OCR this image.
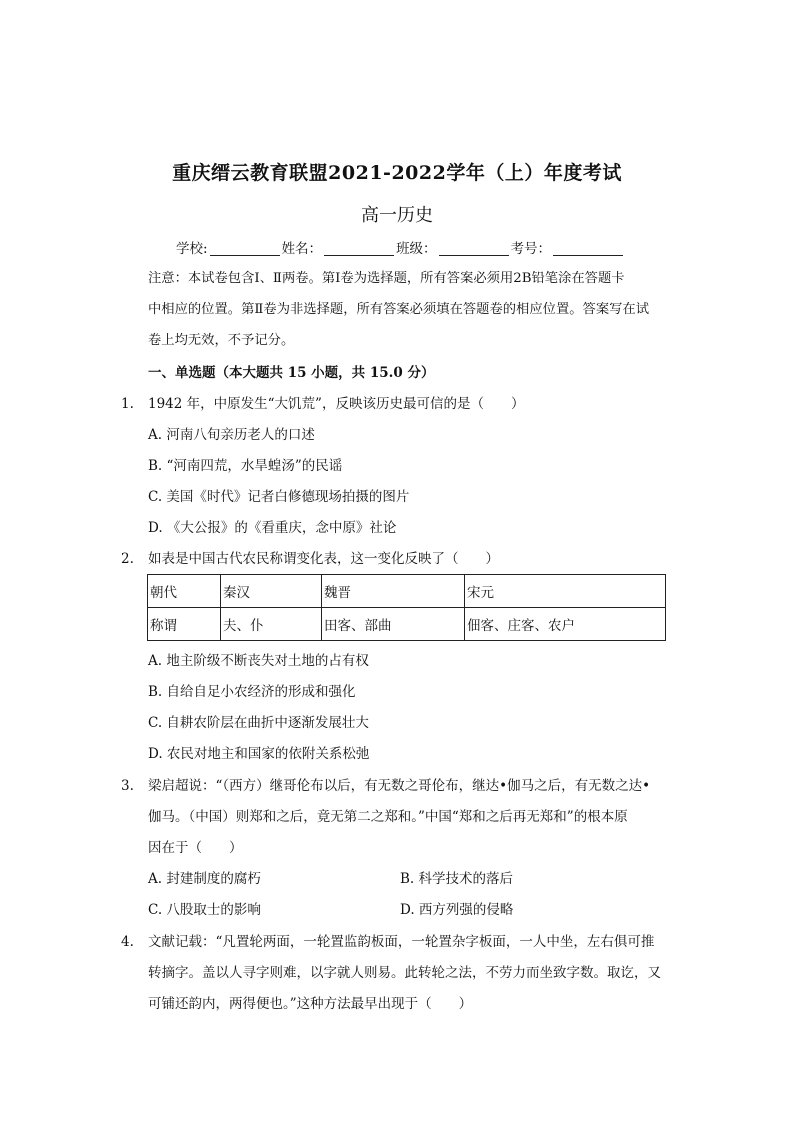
重庆缙云教育联盟2021-2022学年（上）年度考试
高一历史
学校:	姓名：	班级：	考号：
注意：本试卷包含Ⅰ、Ⅱ两卷。第Ⅰ卷为选择题，所有答案必须用2B铅笔涂在答题卡
中相应的位置。第Ⅱ卷为非选择题，所有答案必须填在答题卷的相应位置。答案写在试
卷上均无效，不予记分。
一、单选题（本大题共 15 小题，共 15.0 分）
1. 1942 年，中原发生“大饥荒”，反映该历史最可信的是（　　）
A. 河南八旬亲历老人的口述
B. “河南四荒，水旱蝗汤”的民谣
C. 美国《时代》记者白修德现场拍摄的图片
D. 《大公报》的《看重庆，念中原》社论
2. 如表是中国古代农民称谓变化表，这一变化反映了（　　）
朝代	秦汉	魏晋	宋元
称谓	夫、仆	田客、部曲	佃客、庄客、农户
A. 地主阶级不断丧失对土地的占有权
B. 自给自足小农经济的形成和强化
C. 自耕农阶层在曲折中逐渐发展壮大
D. 农民对地主和国家的依附关系松弛
3. 梁启超说：“（西方）继哥伦布以后，有无数之哥伦布，继达•伽马之后，有无数之达•
伽马。（中国）则郑和之后，竟无第二之郑和。”中国“郑和之后再无郑和”的根本原
因在于（　　）
A. 封建制度的腐朽	B. 科学技术的落后
C. 八股取士的影响	D. 西方列强的侵略
4. 文献记载：“凡置轮两面，一轮置监韵板面，一轮置杂字板面，一人中坐，左右俱可推
转摘字。盖以人寻字则难，以字就人则易。此转轮之法，不劳力而坐致字数。取讫，又
可铺还韵内，两得便也。”这种方法最早出现于（　　）
